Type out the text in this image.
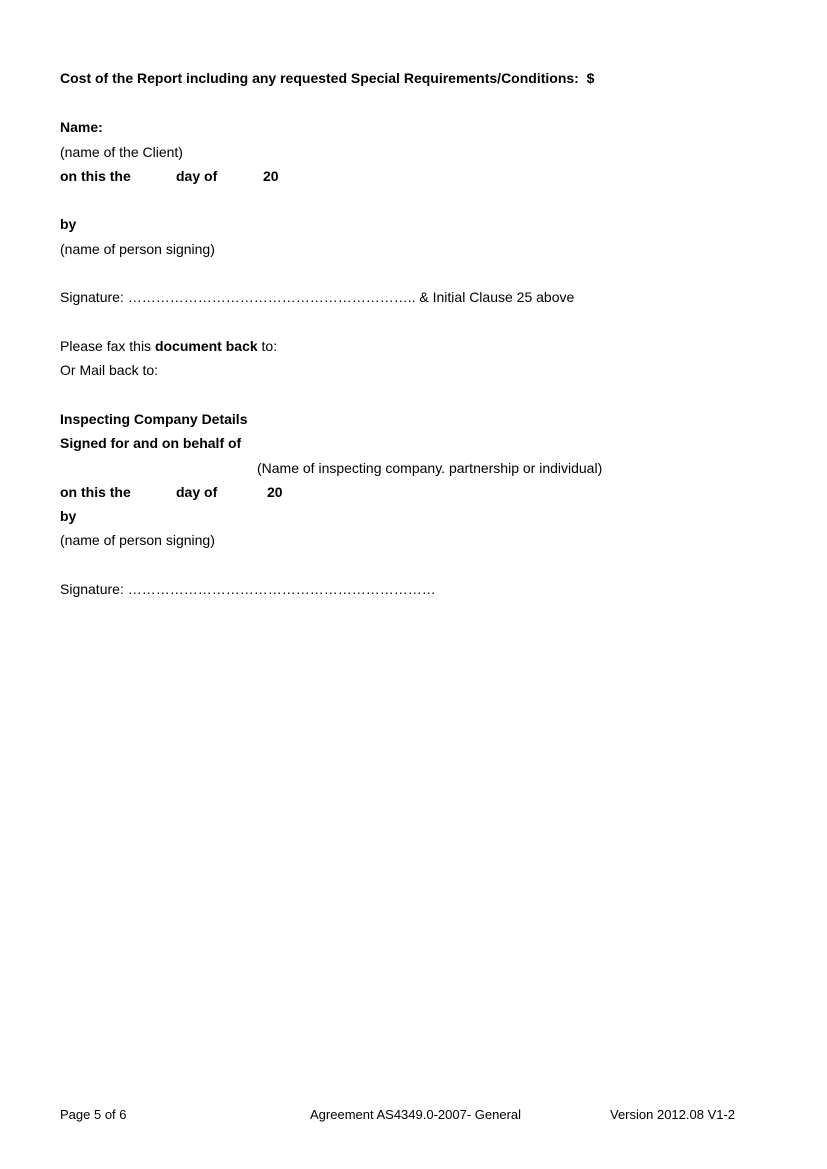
Cost of the Report including any requested Special Requirements/Conditions: $
Name:
(name of the Client)
on this the	day of	20
by
(name of person signing)
Signature: …………………………………………………….. & Initial Clause 25 above
Please fax this document back to:
Or Mail back to:
Inspecting Company Details
Signed for and on behalf of
(Name of inspecting company. partnership or individual)
on this the	day of	20
by
(name of person signing)
Signature: …………………………………………………………
Page 5 of 6	Agreement AS4349.0-2007- General	Version 2012.08 V1-2
